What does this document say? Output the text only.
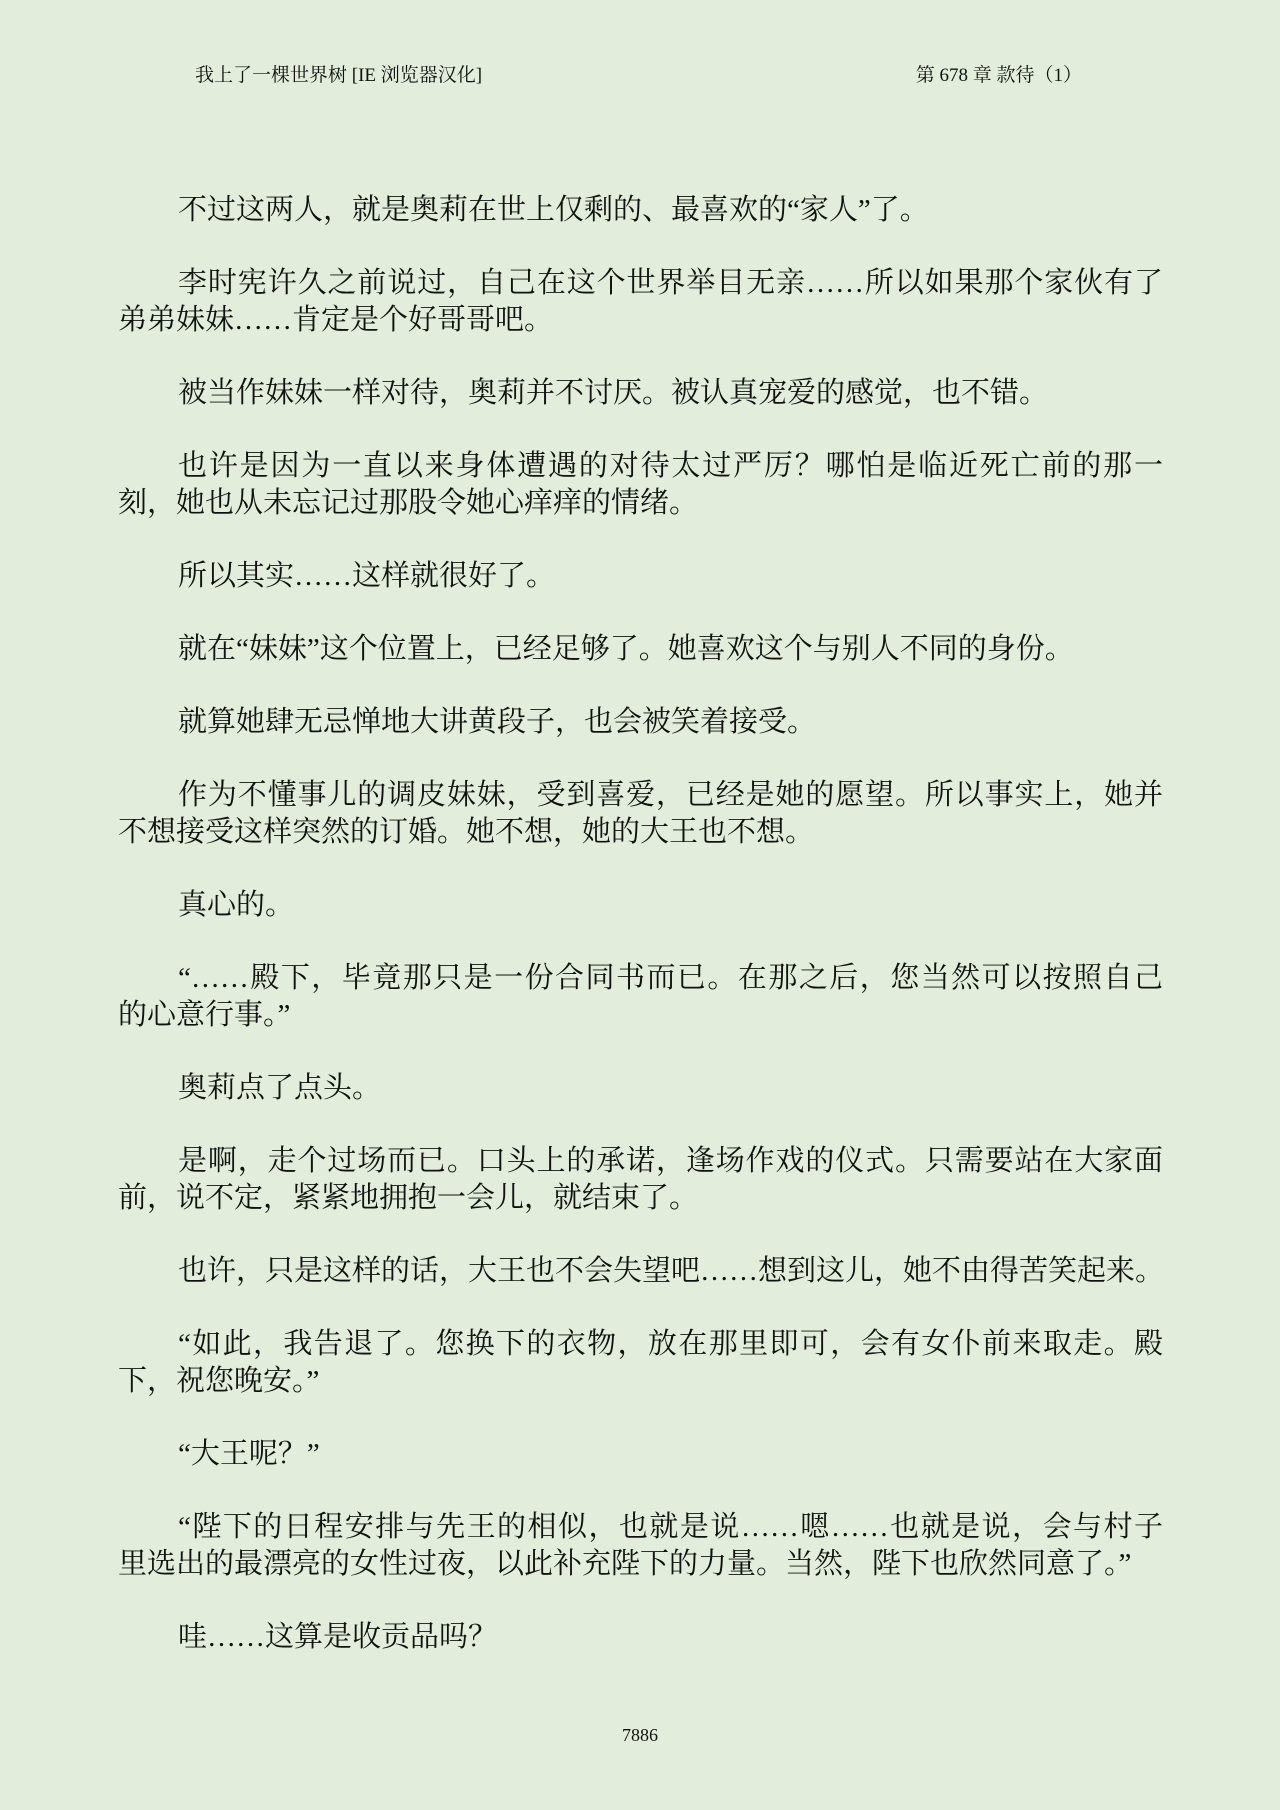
我上了一棵世界树 [IE 浏览器汉化]	第 678 章 款待（1）
不过这两人，就是奥莉在世上仅剩的、最喜欢的“家人”了。
李时宪许久之前说过，自己在这个世界举目无亲……所以如果那个家伙有了
弟弟妹妹……肯定是个好哥哥吧。
被当作妹妹一样对待，奥莉并不讨厌。被认真宠爱的感觉，也不错。
也许是因为一直以来身体遭遇的对待太过严厉？哪怕是临近死亡前的那一
刻，她也从未忘记过那股令她心痒痒的情绪。
所以其实……这样就很好了。
就在“妹妹”这个位置上，已经足够了。她喜欢这个与别人不同的身份。
就算她肆无忌惮地大讲黄段子，也会被笑着接受。
作为不懂事儿的调皮妹妹，受到喜爱，已经是她的愿望。所以事实上，她并
不想接受这样突然的订婚。她不想，她的大王也不想。
真心的。
“……殿下，毕竟那只是一份合同书而已。在那之后，您当然可以按照自己
的心意行事。”
奥莉点了点头。
是啊，走个过场而已。口头上的承诺，逢场作戏的仪式。只需要站在大家面
前，说不定，紧紧地拥抱一会儿，就结束了。
也许，只是这样的话，大王也不会失望吧……想到这儿，她不由得苦笑起来。
“如此，我告退了。您换下的衣物，放在那里即可，会有女仆前来取走。殿
下，祝您晚安。”
“大王呢？”
“陛下的日程安排与先王的相似，也就是说……嗯……也就是说，会与村子
里选出的最漂亮的女性过夜，以此补充陛下的力量。当然，陛下也欣然同意了。”
哇……这算是收贡品吗？
7886
